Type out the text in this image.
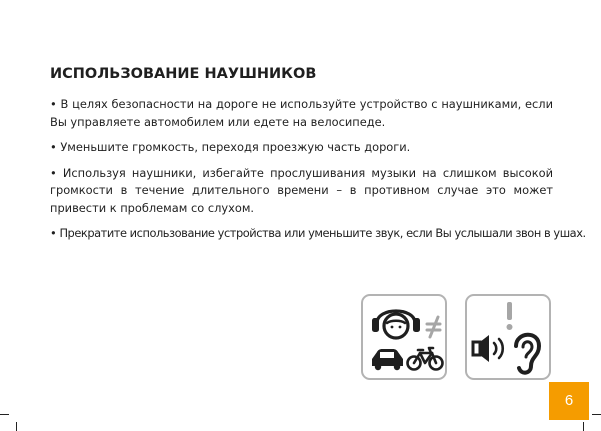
ИСПОЛЬЗОВАНИЕ НАУШНИКОВ

• В целях безопасности на дороге не используйте устройство с наушниками, если Вы управляете автомобилем или едете на велосипеде.

• Уменьшите громкость, переходя проезжую часть дороги.

• Используя наушники, избегайте прослушивания музыки на слишком высокой громкости в течение длительного времени – в противном случае это может привести к проблемам со слухом.

• Прекратите использование устройства или уменьшите звук, если Вы услышали звон в ушах.

6
